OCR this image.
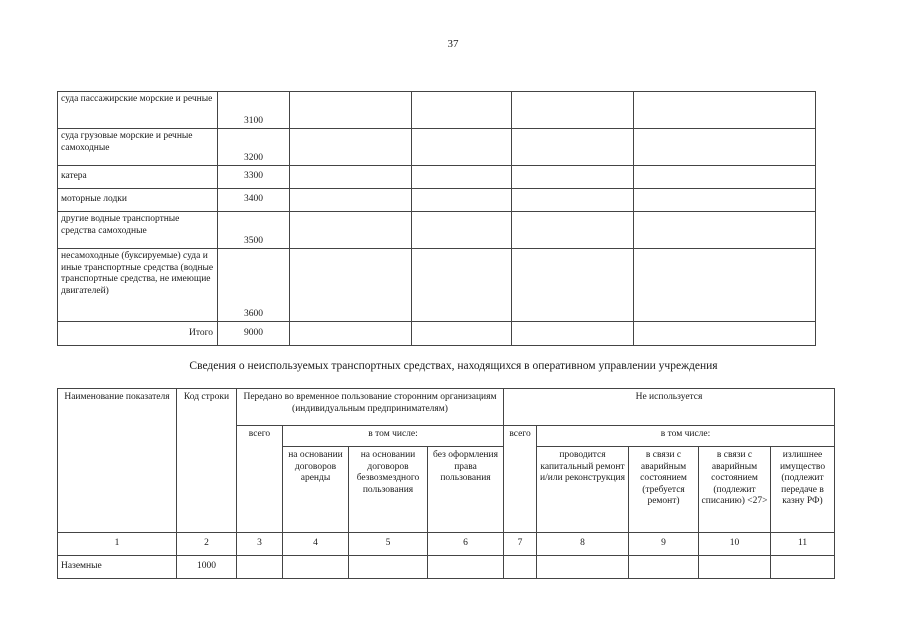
37
суда пассажирские морские и речные	3100				
суда грузовые морские и речные самоходные	3200				
катера	3300				
моторные лодки	3400				
другие водные транспортные средства самоходные	3500				
несамоходные (буксируемые) суда и иные транспортные средства (водные транспортные средства, не имеющие двигателей)	3600				
Итого	9000				
Сведения о неиспользуемых транспортных средствах, находящихся в оперативном управлении учреждения
Наименование показателя	Код строки	Передано во временное пользование сторонним организациям (индивидуальным предпринимателям)				Не используется				
		всего	в том числе:			всего	в том числе:			
			на основании договоров аренды	на основании договоров безвозмездного пользования	без оформления права пользования		проводится капитальный ремонт и/или реконструкция	в связи с аварийным состоянием (требуется ремонт)	в связи с аварийным состоянием (подлежит списанию) <27>	излишнее имущество (подлежит передаче в казну РФ)
1	2	3	4	5	6	7	8	9	10	11
Наземные	1000									
